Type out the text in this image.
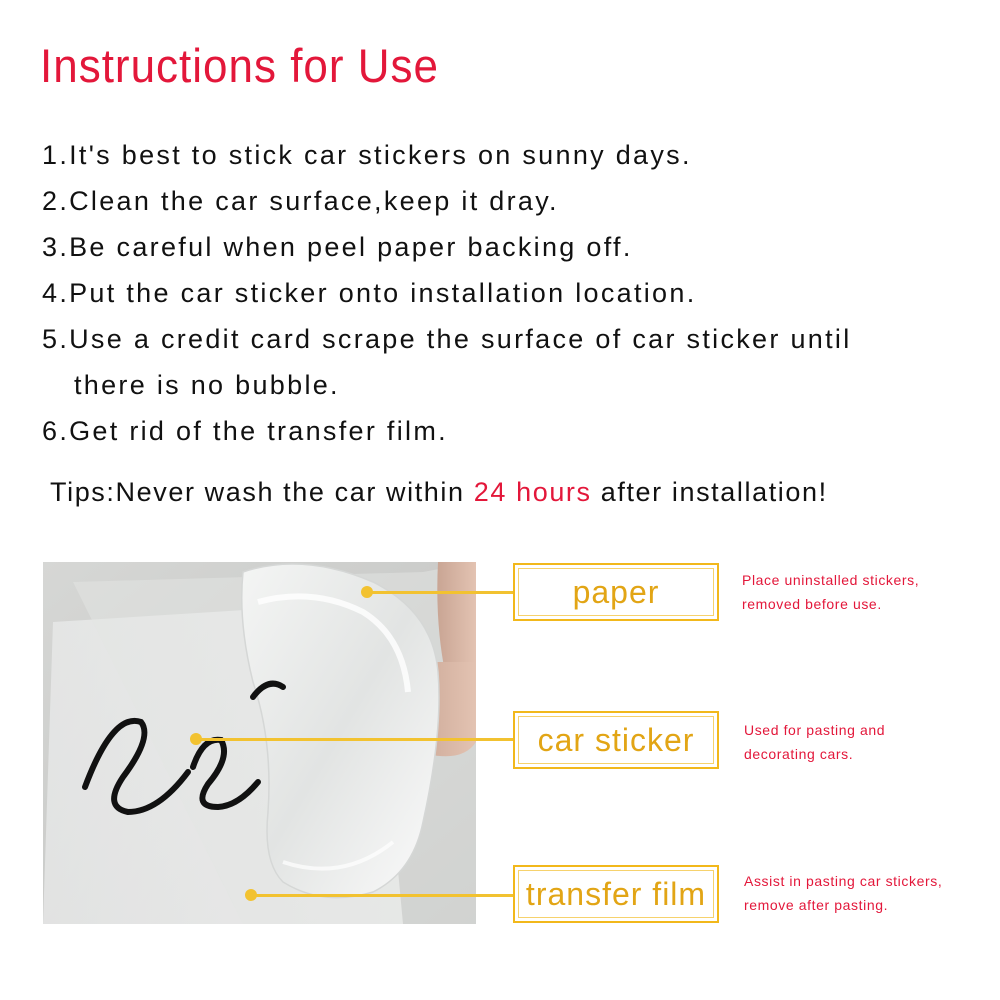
Instructions for Use
1.It's best to stick car stickers on sunny days.
2.Clean the car surface,keep it dray.
3.Be careful when peel paper backing off.
4.Put the car sticker onto installation location.
5.Use a credit card scrape the surface of car sticker until
there is no bubble.
6.Get rid of the transfer film.
Tips:Never wash the car within 24 hours after installation!
paper
car sticker
transfer film
Place uninstalled stickers,
removed before use.
Used for pasting and
decorating cars.
Assist in pasting car stickers,
remove after pasting.
